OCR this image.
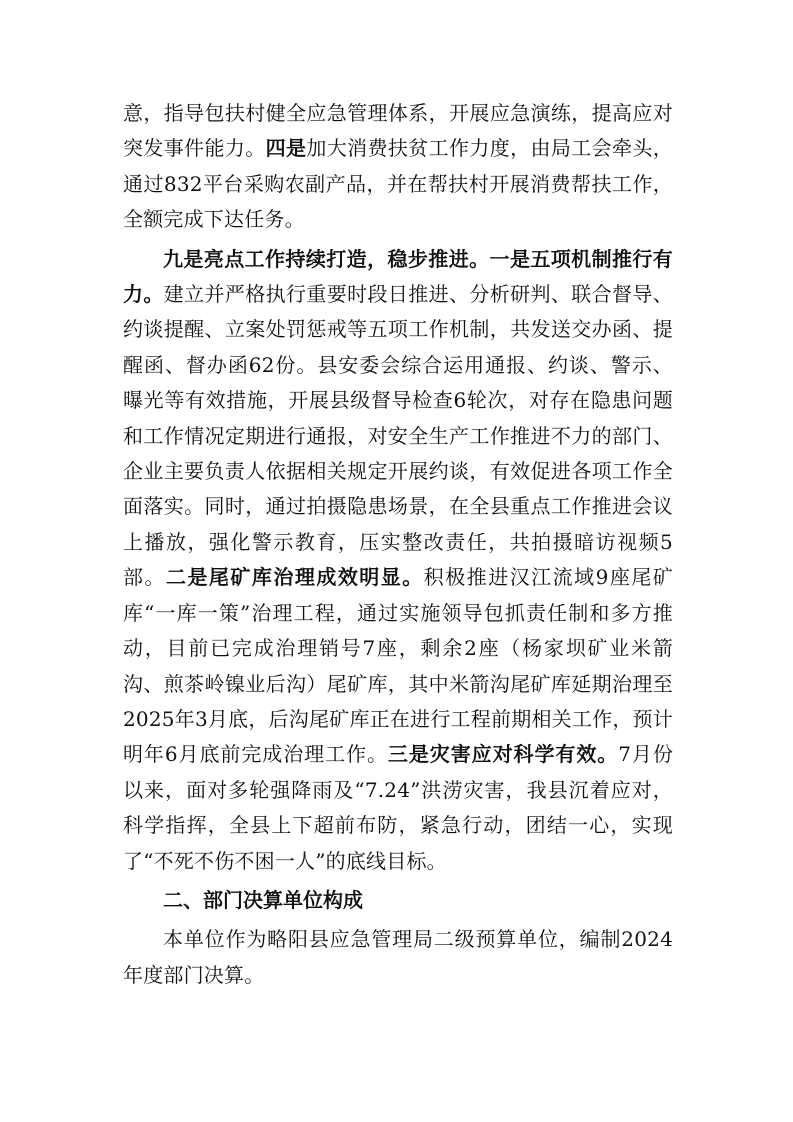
意，指导包扶村健全应急管理体系，开展应急演练，提高应对突发事件能力。四是加大消费扶贫工作力度，由局工会牵头，通过832平台采购农副产品，并在帮扶村开展消费帮扶工作，全额完成下达任务。

九是亮点工作持续打造，稳步推进。一是五项机制推行有力。建立并严格执行重要时段日推进、分析研判、联合督导、约谈提醒、立案处罚惩戒等五项工作机制，共发送交办函、提醒函、督办函62份。县安委会综合运用通报、约谈、警示、曝光等有效措施，开展县级督导检查6轮次，对存在隐患问题和工作情况定期进行通报，对安全生产工作推进不力的部门、企业主要负责人依据相关规定开展约谈，有效促进各项工作全面落实。同时，通过拍摄隐患场景，在全县重点工作推进会议上播放，强化警示教育，压实整改责任，共拍摄暗访视频5部。二是尾矿库治理成效明显。积极推进汉江流域9座尾矿库“一库一策”治理工程，通过实施领导包抓责任制和多方推动，目前已完成治理销号7座，剩余2座（杨家坝矿业米箭沟、煎茶岭镍业后沟）尾矿库，其中米箭沟尾矿库延期治理至2025年3月底，后沟尾矿库正在进行工程前期相关工作，预计明年6月底前完成治理工作。三是灾害应对科学有效。7月份以来，面对多轮强降雨及“7.24”洪涝灾害，我县沉着应对，科学指挥，全县上下超前布防，紧急行动，团结一心，实现了“不死不伤不困一人”的底线目标。

二、部门决算单位构成

本单位作为略阳县应急管理局二级预算单位，编制2024年度部门决算。
